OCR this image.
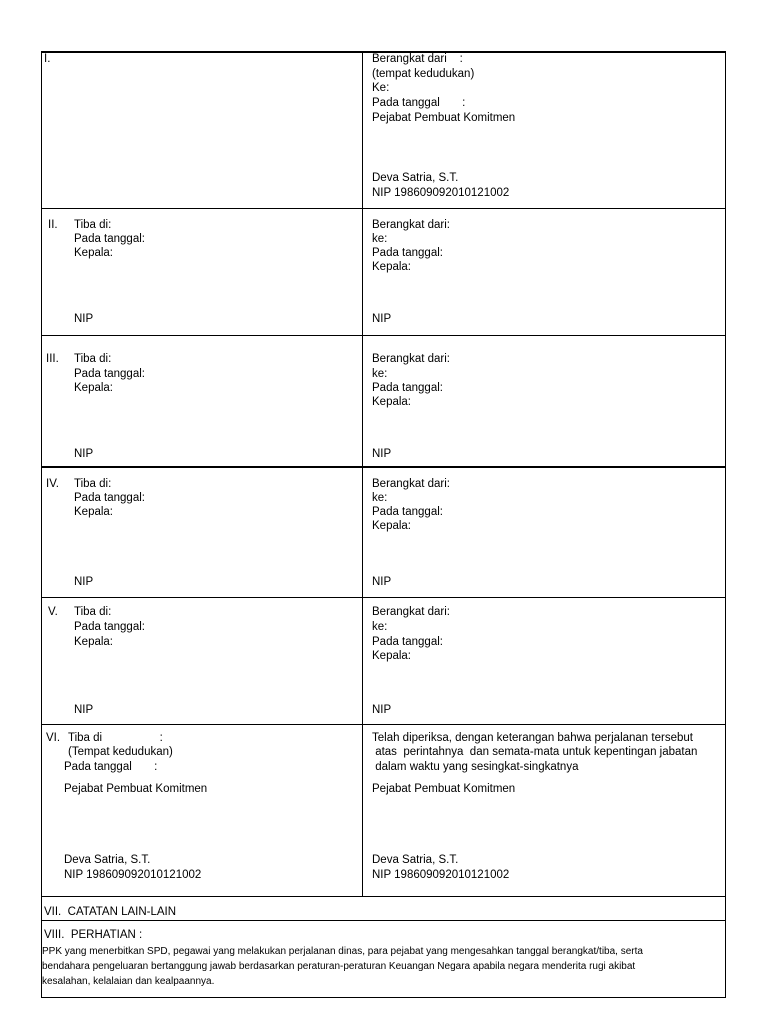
I.	Berangkat dari    :
(tempat kedudukan)
Ke:
Pada tanggal       :
Pejabat Pembuat Komitmen
Deva Satria, S.T.
NIP 198609092010121002
II. Tiba di:
Pada tanggal:
Kepala:
NIP
Berangkat dari:
ke:
Pada tanggal:
Kepala:
NIP
III. Tiba di:
Pada tanggal:
Kepala:
NIP
Berangkat dari:
ke:
Pada tanggal:
Kepala:
NIP
IV. Tiba di:
Pada tanggal:
Kepala:
NIP
Berangkat dari:
ke:
Pada tanggal:
Kepala:
NIP
V. Tiba di:
Pada tanggal:
Kepala:
NIP
Berangkat dari:
ke:
Pada tanggal:
Kepala:
NIP
VI. Tiba di                  :
(Tempat kedudukan)
Pada tanggal       :
Pejabat Pembuat Komitmen
Deva Satria, S.T.
NIP 198609092010121002
Telah diperiksa, dengan keterangan bahwa perjalanan tersebut
atas  perintahnya  dan semata-mata untuk kepentingan jabatan
dalam waktu yang sesingkat-singkatnya
Pejabat Pembuat Komitmen
Deva Satria, S.T.
NIP 198609092010121002
VII.  CATATAN LAIN-LAIN
VIII.  PERHATIAN :
PPK yang menerbitkan SPD, pegawai yang melakukan perjalanan dinas, para pejabat yang mengesahkan tanggal berangkat/tiba, serta
bendahara pengeluaran bertanggung jawab berdasarkan peraturan-peraturan Keuangan Negara apabila negara menderita rugi akibat
kesalahan, kelalaian dan kealpaannya.
